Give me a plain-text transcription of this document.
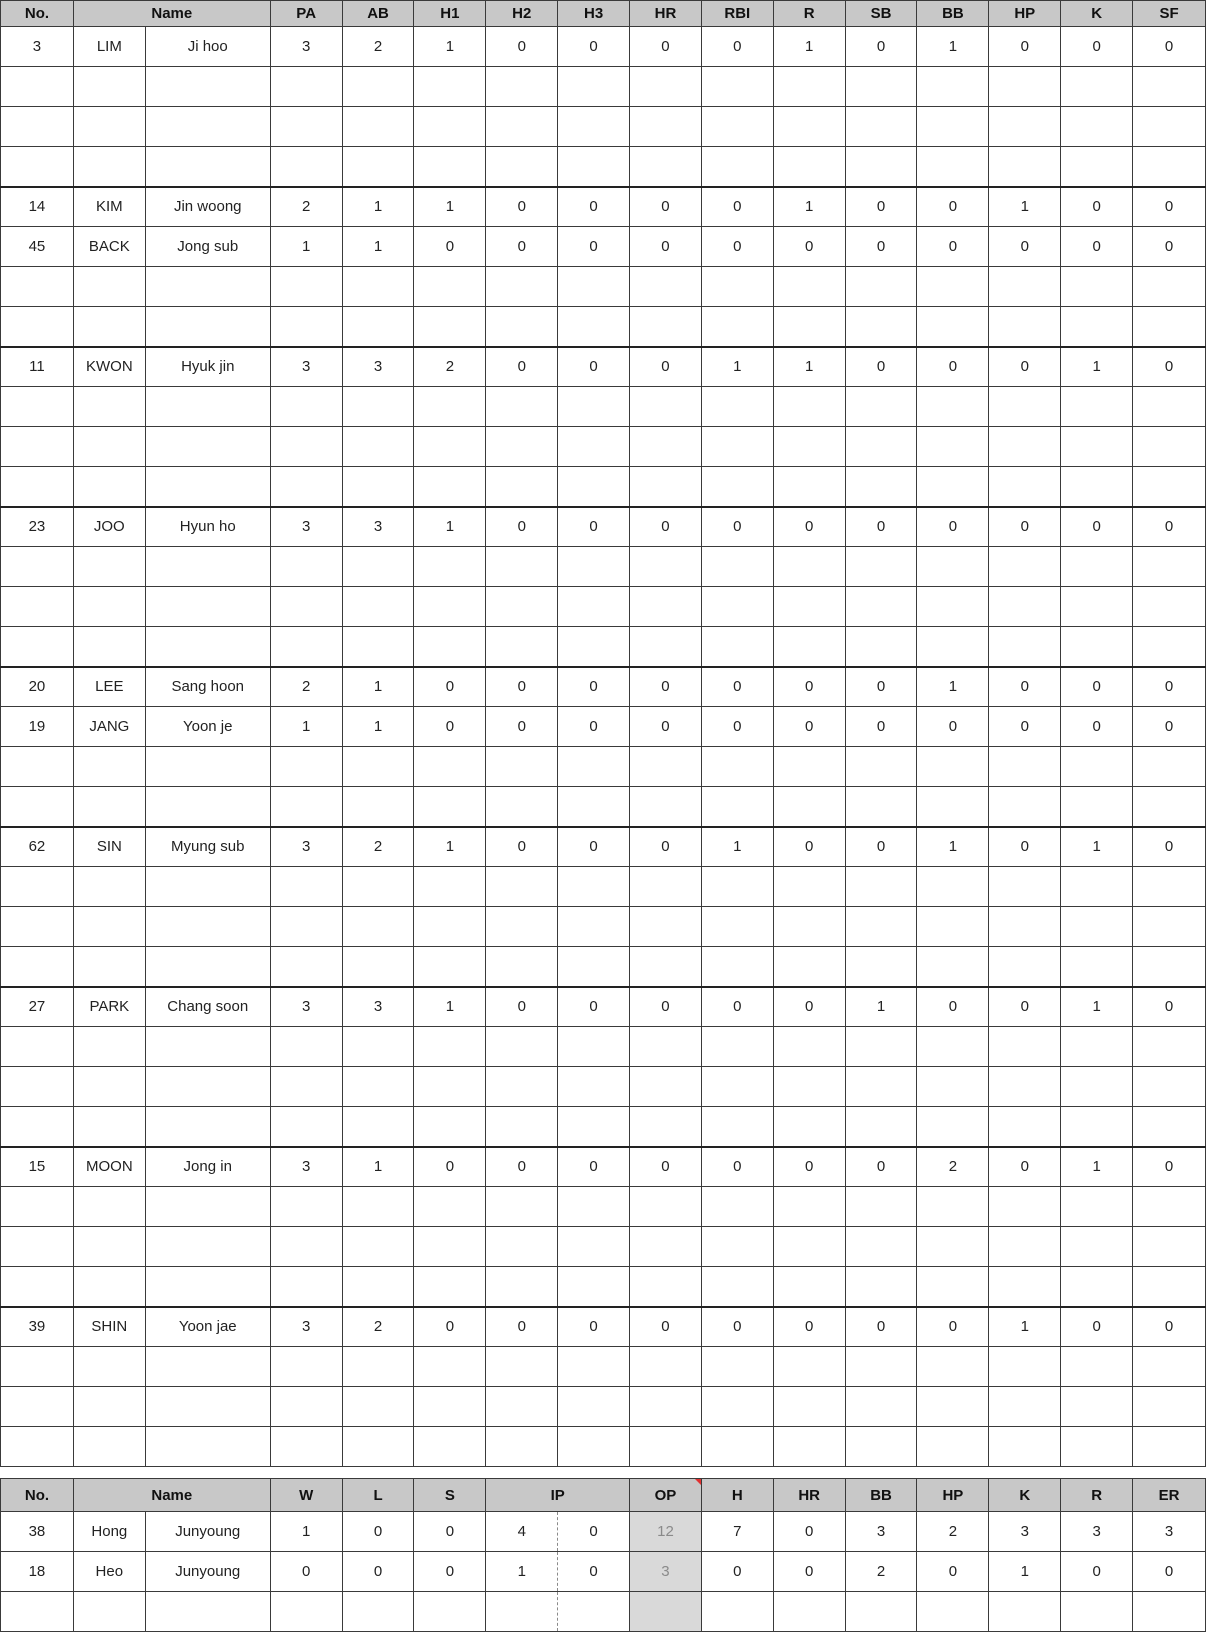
No.	Name		PA	AB	H1	H2	H3	HR	RBI	R	SB	BB	HP	K	SF
3	LIM	Ji hoo	3	2	1	0	0	0	0	1	0	1	0	0	0

14	KIM	Jin woong	2	1	1	0	0	0	0	1	0	0	1	0	0
45	BACK	Jong sub	1	1	0	0	0	0	0	0	0	0	0	0	0

11	KWON	Hyuk jin	3	3	2	0	0	0	1	1	0	0	0	1	0

23	JOO	Hyun ho	3	3	1	0	0	0	0	0	0	0	0	0	0

20	LEE	Sang hoon	2	1	0	0	0	0	0	0	0	1	0	0	0
19	JANG	Yoon je	1	1	0	0	0	0	0	0	0	0	0	0	0

62	SIN	Myung sub	3	2	1	0	0	0	1	0	0	1	0	1	0

27	PARK	Chang soon	3	3	1	0	0	0	0	0	1	0	0	1	0

15	MOON	Jong in	3	1	0	0	0	0	0	0	0	2	0	1	0

39	SHIN	Yoon jae	3	2	0	0	0	0	0	0	0	0	1	0	0

No.	Name		W	L	S	IP		OP	H	HR	BB	HP	K	R	ER
38	Hong	Junyoung	1	0	0	4	0	12	7	0	3	2	3	3	3
18	Heo	Junyoung	0	0	0	1	0	3	0	0	2	0	1	0	0
